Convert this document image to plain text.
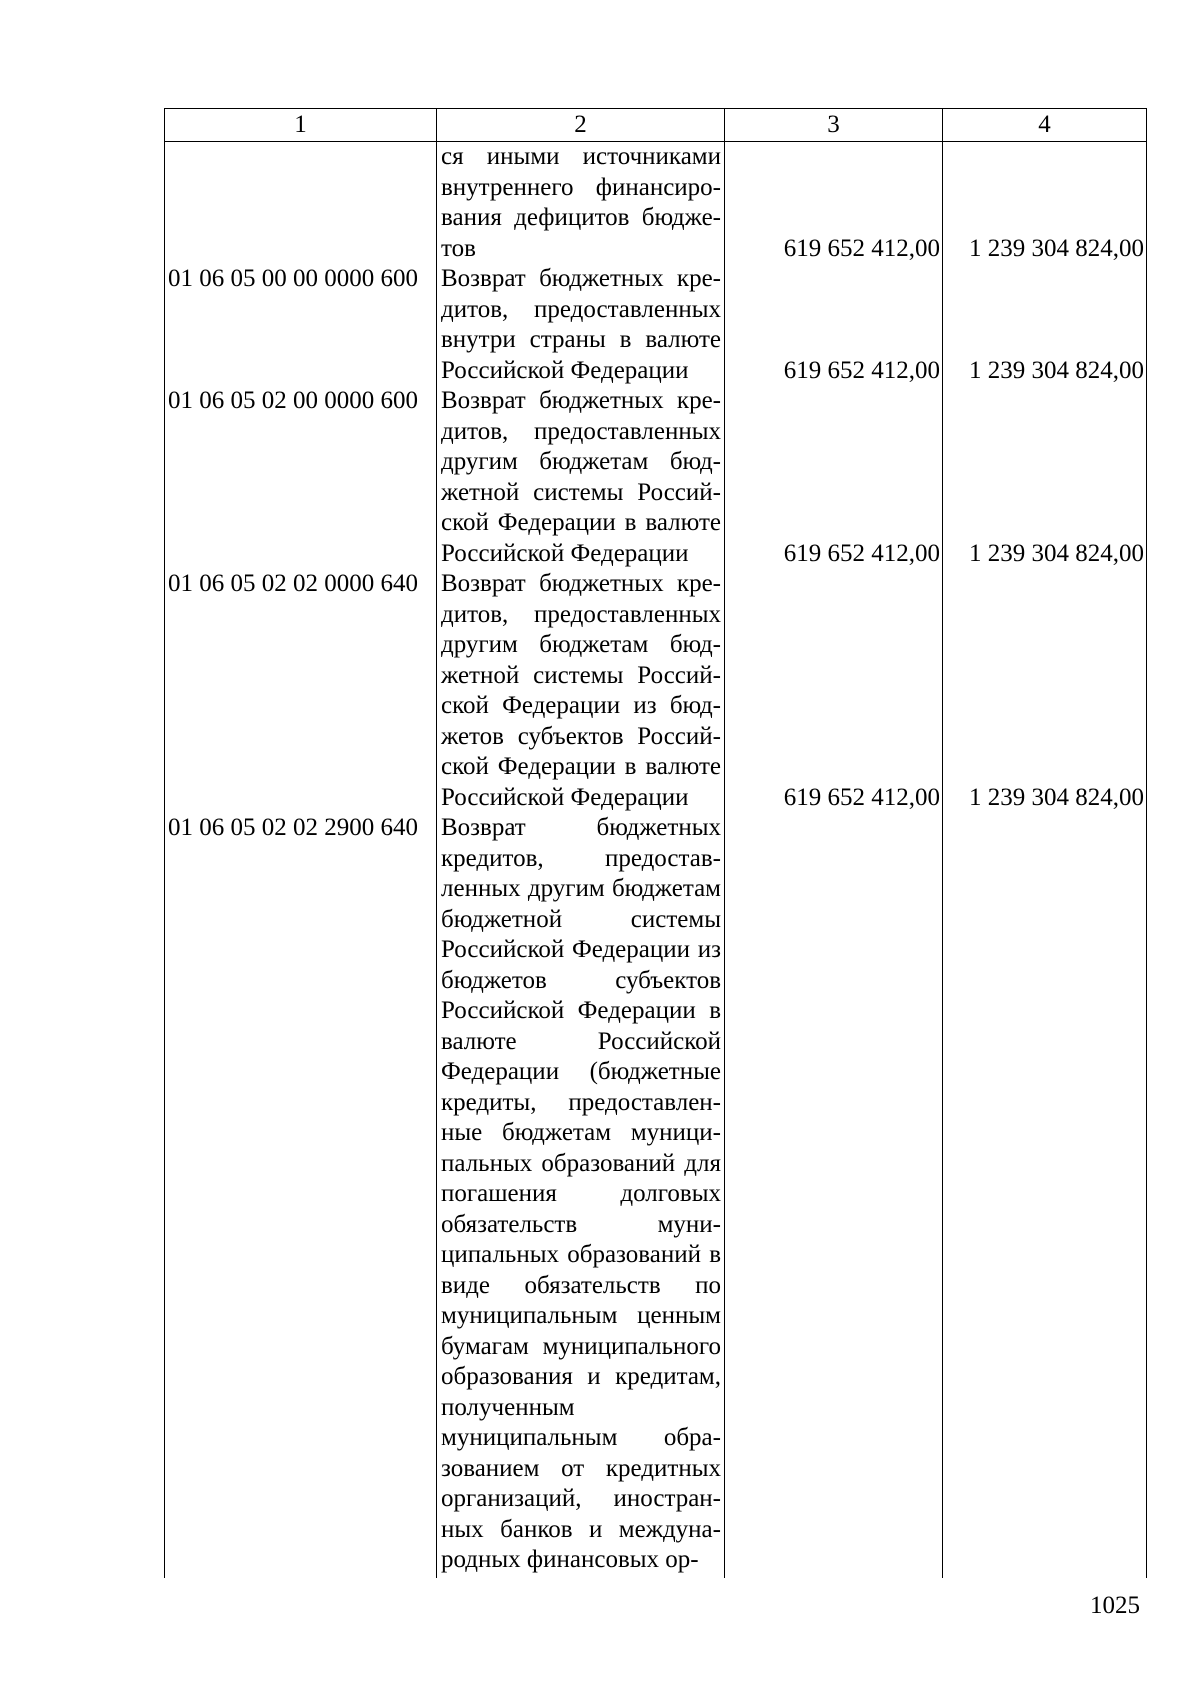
1	2	3	4
	ся иными источниками внутреннего финансирования дефицитов бюджетов	619 652 412,00	1 239 304 824,00
01 06 05 00 00 0000 600	Возврат бюджетных кредитов, предоставленных внутри страны в валюте Российской Федерации	619 652 412,00	1 239 304 824,00
01 06 05 02 00 0000 600	Возврат бюджетных кредитов, предоставленных другим бюджетам бюджетной системы Российской Федерации в валюте Российской Федерации	619 652 412,00	1 239 304 824,00
01 06 05 02 02 0000 640	Возврат бюджетных кредитов, предоставленных другим бюджетам бюджетной системы Российской Федерации из бюджетов субъектов Российской Федерации в валюте Российской Федерации	619 652 412,00	1 239 304 824,00
01 06 05 02 02 2900 640	Возврат бюджетных кредитов, предоставленных другим бюджетам бюджетной системы Российской Федерации из бюджетов субъектов Российской Федерации в валюте Российской Федерации (бюджетные кредиты, предоставленные бюджетам муниципальных образований для погашения долговых обязательств муниципальных образований в виде обязательств по муниципальным ценным бумагам муниципального образования и кредитам, полученным муниципальным образованием от кредитных организаций, иностранных банков и международных финансовых ор-		

1025
